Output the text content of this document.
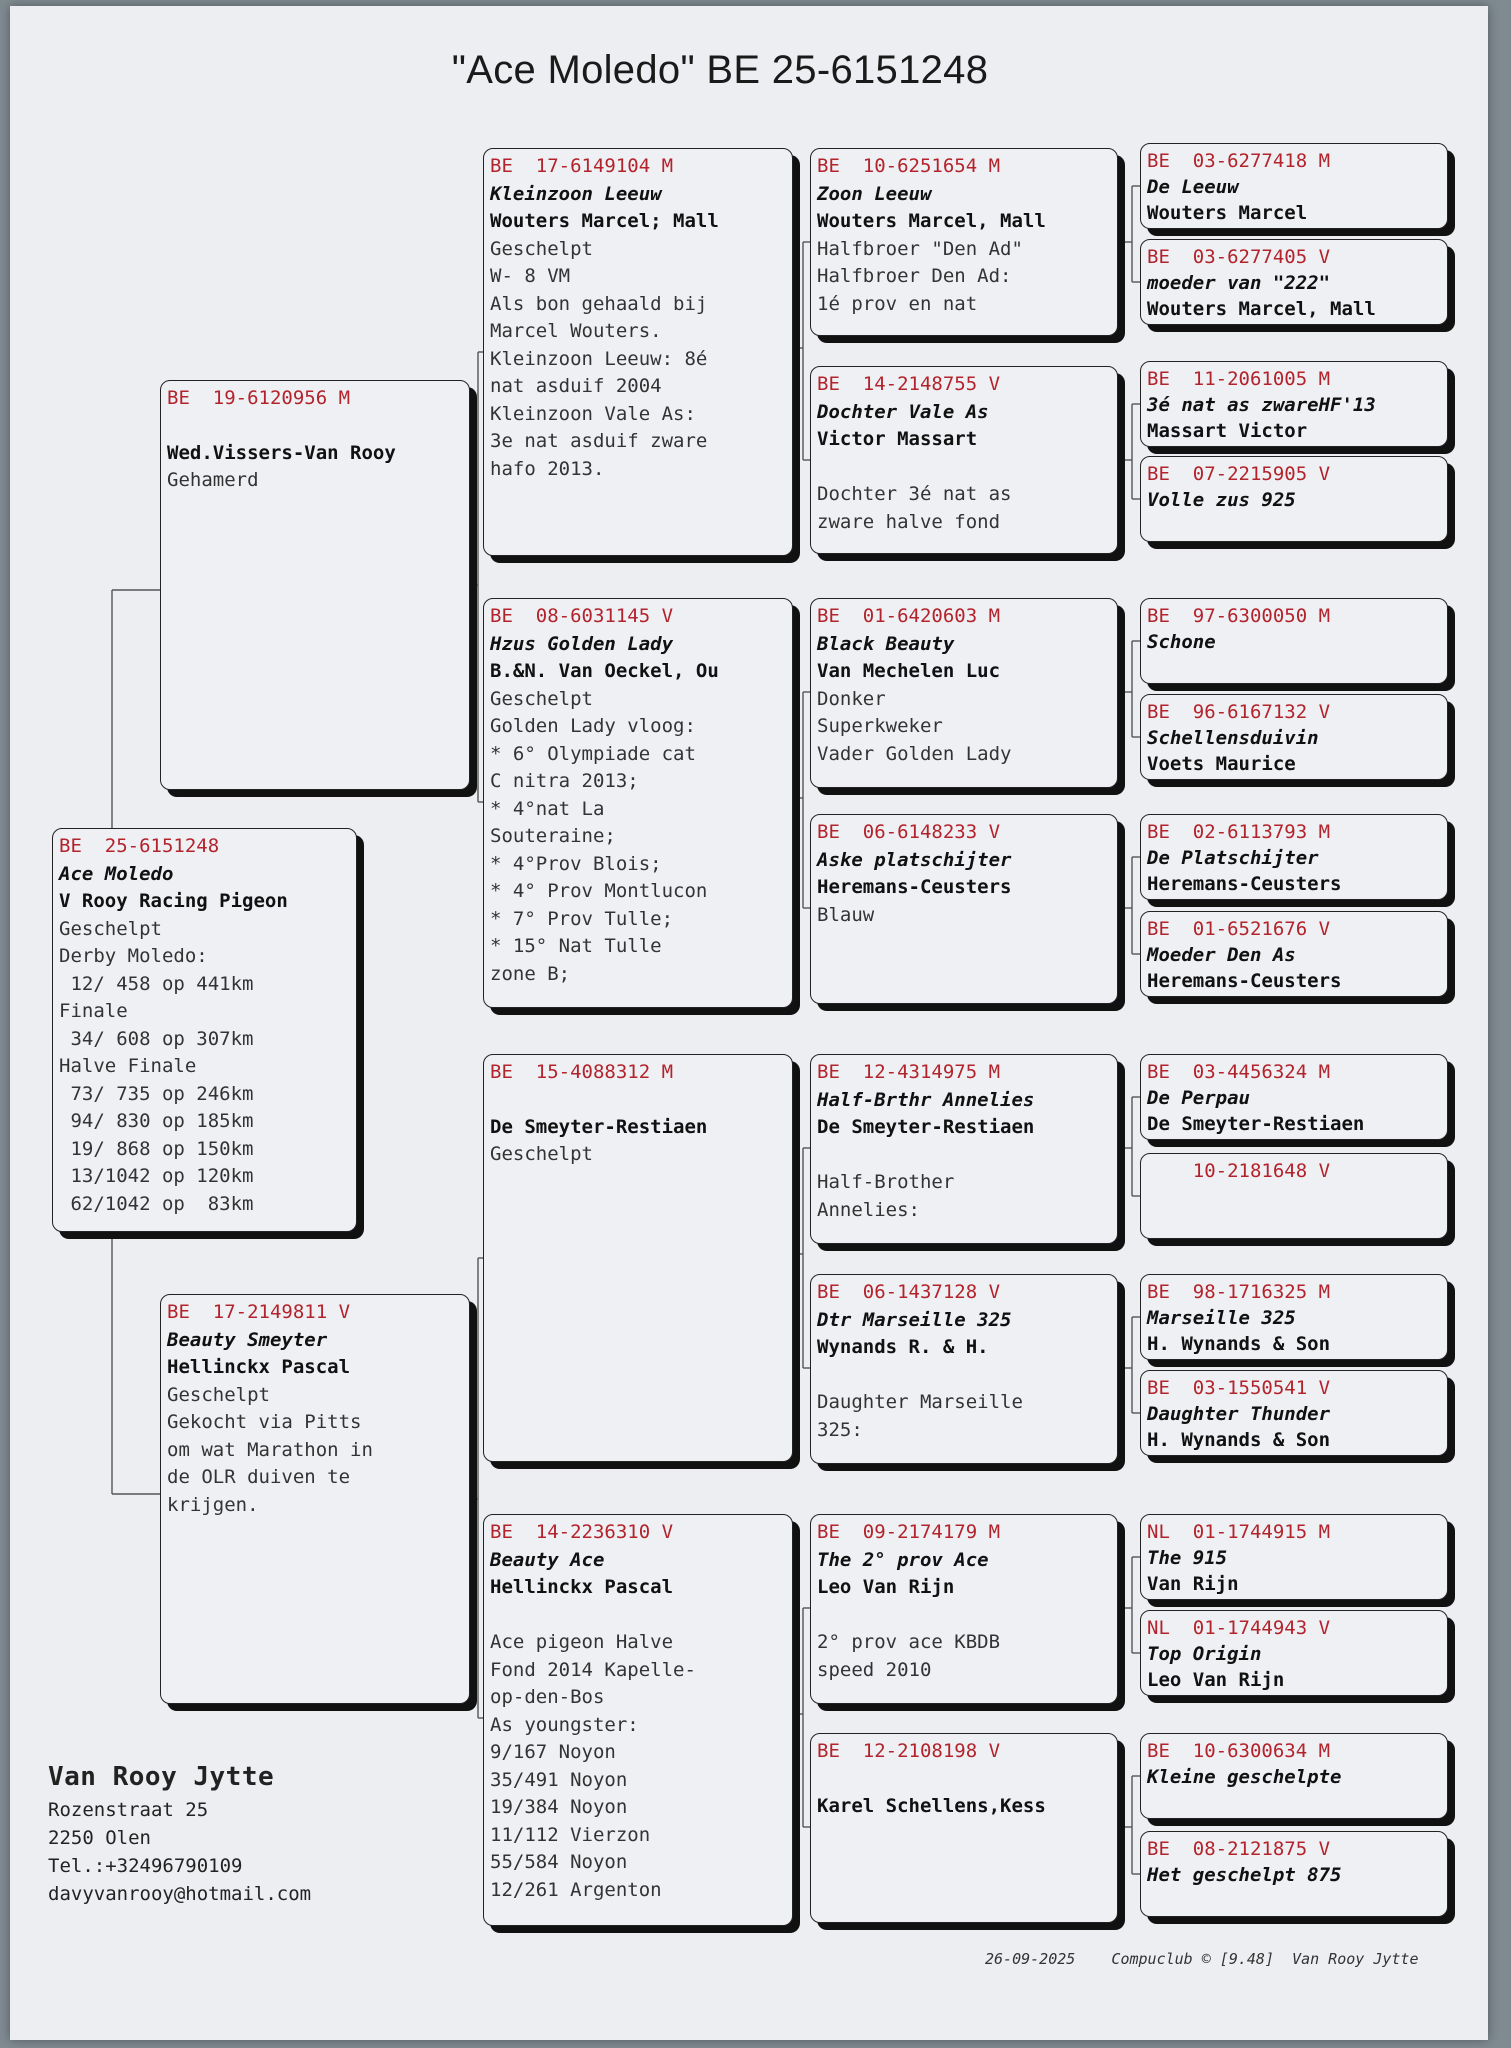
"Ace Moledo" BE 25-6151248
BE  25-6151248
Ace Moledo
V Rooy Racing Pigeon
Geschelpt
Derby Moledo:
12/ 458 op 441km
Finale
34/ 608 op 307km
Halve Finale
73/ 735 op 246km
94/ 830 op 185km
19/ 868 op 150km
13/1042 op 120km
62/1042 op  83km
BE  19-6120956 M
Wed.Vissers-Van Rooy
Gehamerd
BE  17-2149811 V
Beauty Smeyter
Hellinckx Pascal
Geschelpt
Gekocht via Pitts
om wat Marathon in
de OLR duiven te
krijgen.
BE  17-6149104 M
Kleinzoon Leeuw
Wouters Marcel; Mall
Geschelpt
W- 8 VM
Als bon gehaald bij
Marcel Wouters.
Kleinzoon Leeuw: 8é
nat asduif 2004
Kleinzoon Vale As:
3e nat asduif zware
hafo 2013.
BE  08-6031145 V
Hzus Golden Lady
B.&N. Van Oeckel, Ou
Geschelpt
Golden Lady vloog:
* 6° Olympiade cat
C nitra 2013;
* 4°nat La
Souteraine;
* 4°Prov Blois;
* 4° Prov Montlucon
* 7° Prov Tulle;
* 15° Nat Tulle
zone B;
BE  15-4088312 M
De Smeyter-Restiaen
Geschelpt
BE  14-2236310 V
Beauty Ace
Hellinckx Pascal

Ace pigeon Halve
Fond 2014 Kapelle-
op-den-Bos
As youngster:
9/167 Noyon
35/491 Noyon
19/384 Noyon
11/112 Vierzon
55/584 Noyon
12/261 Argenton
BE  10-6251654 M
Zoon Leeuw
Wouters Marcel, Mall
Halfbroer "Den Ad"
Halfbroer Den Ad:
1é prov en nat
BE  14-2148755 V
Dochter Vale As
Victor Massart

Dochter 3é nat as
zware halve fond
BE  01-6420603 M
Black Beauty
Van Mechelen Luc
Donker
Superkweker
Vader Golden Lady
BE  06-6148233 V
Aske platschijter
Heremans-Ceusters
Blauw
BE  12-4314975 M
Half-Brthr Annelies
De Smeyter-Restiaen

Half-Brother
Annelies:
BE  06-1437128 V
Dtr Marseille 325
Wynands R. & H.

Daughter Marseille
325:
BE  09-2174179 M
The 2° prov Ace
Leo Van Rijn

2° prov ace KBDB
speed 2010
BE  12-2108198 V
Karel Schellens,Kess
BE  03-6277418 M
De Leeuw
Wouters Marcel
BE  03-6277405 V
moeder van "222"
Wouters Marcel, Mall
BE  11-2061005 M
3é nat as zwareHF'13
Massart Victor
BE  07-2215905 V
Volle zus 925
BE  97-6300050 M
Schone
BE  96-6167132 V
Schellensduivin
Voets Maurice
BE  02-6113793 M
De Platschijter
Heremans-Ceusters
BE  01-6521676 V
Moeder Den As
Heremans-Ceusters
BE  03-4456324 M
De Perpau
De Smeyter-Restiaen
10-2181648 V
BE  98-1716325 M
Marseille 325
H. Wynands & Son
BE  03-1550541 V
Daughter Thunder
H. Wynands & Son
NL  01-1744915 M
The 915
Van Rijn
NL  01-1744943 V
Top Origin
Leo Van Rijn
BE  10-6300634 M
Kleine geschelpte
BE  08-2121875 V
Het geschelpt 875
Van Rooy Jytte
Rozenstraat 25
2250 Olen
Tel.:+32496790109
davyvanrooy@hotmail.com
26-09-2025    Compuclub © [9.48]  Van Rooy Jytte
